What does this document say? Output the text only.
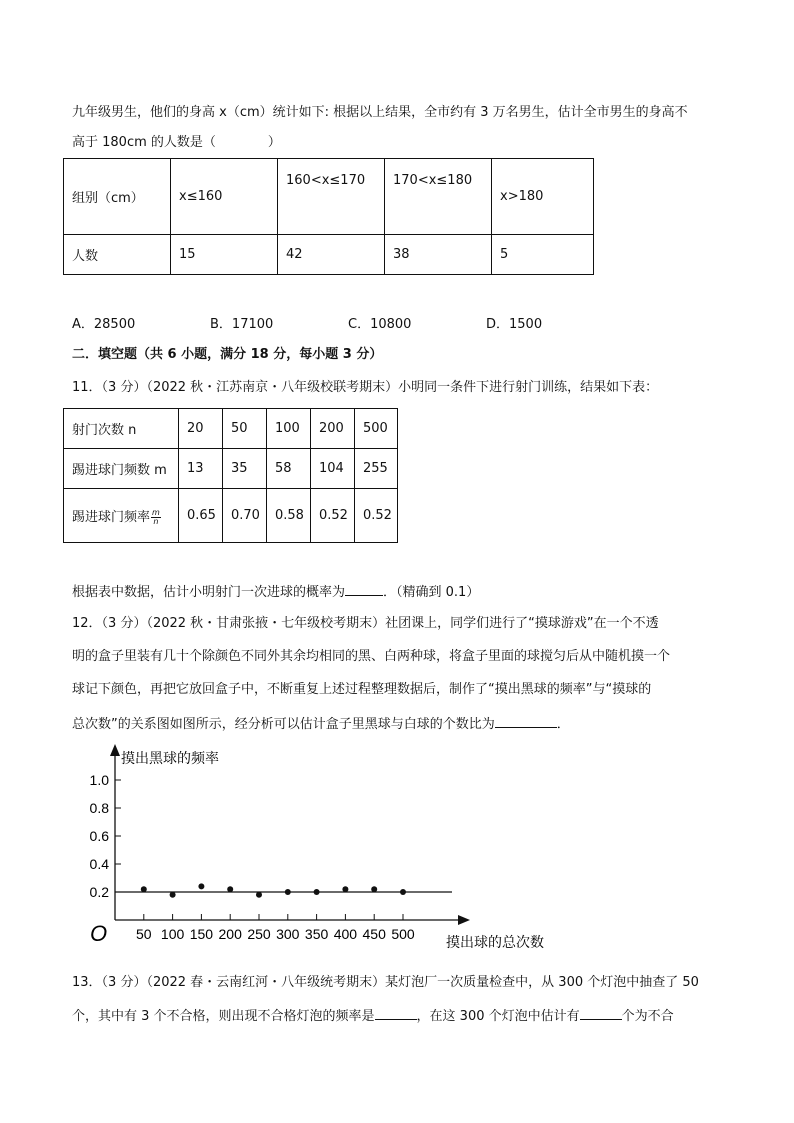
九年级男生，他们的身高 x（cm）统计如下: 根据以上结果，全市约有 3 万名男生，估计全市男生的身高不
高于 180cm 的人数是（　　　　）
组别（cm）	x≤160	160<x≤170	170<x≤180	x>180
人数	15	42	38	5
A．28500	B．17100	C．10800	D．1500
二．填空题（共 6 小题，满分 18 分，每小题 3 分）
11．（3 分）（2022 秋・江苏南京・八年级校联考期末）小明同一条件下进行射门训练，结果如下表：
射门次数 n	20	50	100	200	500
踢进球门频数 m	13	35	58	104	255
踢进球门频率 $\frac{m}{n}$	0.65	0.70	0.58	0.52	0.52
根据表中数据，估计小明射门一次进球的概率为	．（精确到 0.1）
12．（3 分）（2022 秋・甘肃张掖・七年级校考期末）社团课上，同学们进行了“摸球游戏”在一个不透
明的盒子里装有几十个除颜色不同外其余均相同的黑、白两种球，将盒子里面的球搅匀后从中随机摸一个
球记下颜色，再把它放回盒子中，不断重复上述过程整理数据后，制作了“摸出黑球的频率”与“摸球的
总次数”的关系图如图所示，经分析可以估计盒子里黑球与白球的个数比为	．
0.2
0.4
0.6
0.8
1.0
50 100 150 200 250 300 350 400 450 500
摸出黑球的频率
摸出球的总次数
O
13．（3 分）（2022 春・云南红河・八年级统考期末）某灯泡厂一次质量检查中，从 300 个灯泡中抽查了 50
个，其中有 3 个不合格，则出现不合格灯泡的频率是	，在这 300 个灯泡中估计有	个为不合
